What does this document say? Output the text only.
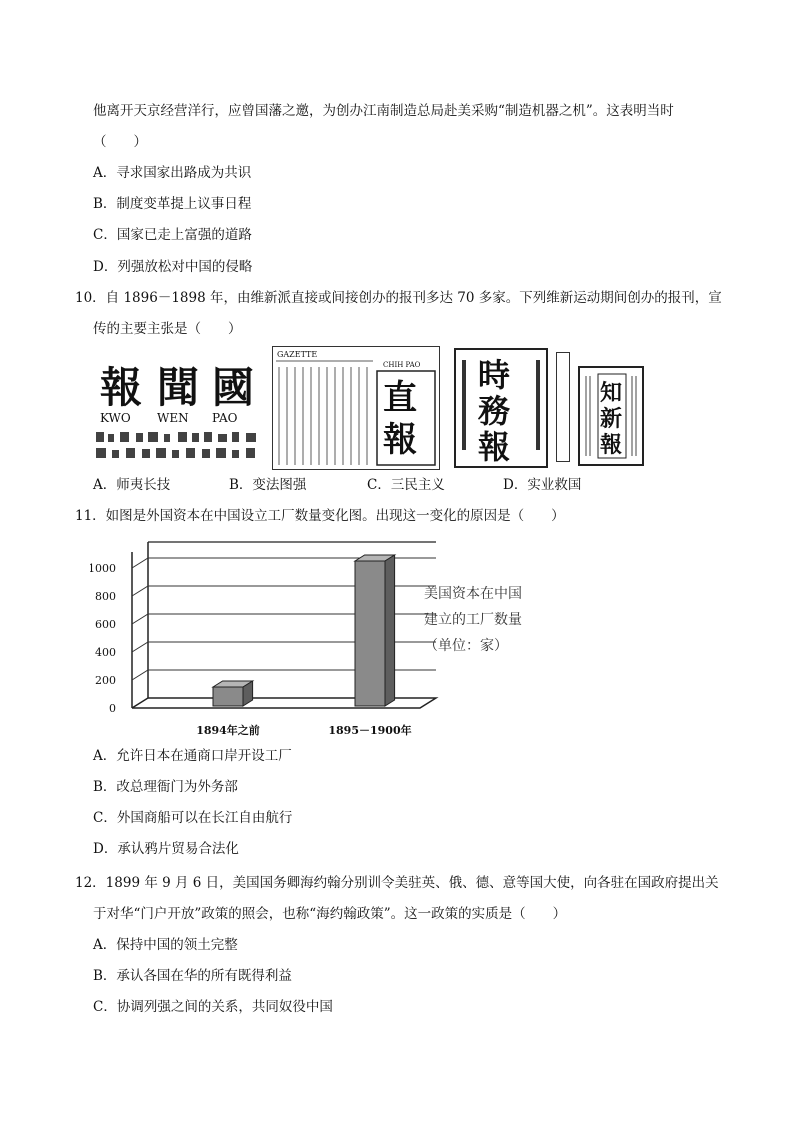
他离开天京经营洋行，应曾国藩之邀，为创办江南制造总局赴美采购“制造机器之机”。这表明当时
（　　）
A．寻求国家出路成为共识
B．制度变革提上议事日程
C．国家已走上富强的道路
D．列强放松对中国的侵略
10．自 1896－1898 年，由维新派直接或间接创办的报刊多达 70 多家。下列维新运动期间创办的报刊，宣
传的主要主张是（　　）
報 聞 國
KWO WEN PAO
GAZETTE
CHIH PAO
直
報
時
務
報
知
新
報
A．师夷长技	B．变法图强	C．三民主义	D．实业救国
11．如图是外国资本在中国设立工厂数量变化图。出现这一变化的原因是（　　）
0
200
400
600
800
1000
1894年之前	1895－1900年
美国资本在中国
建立的工厂数量
（单位：家）
A．允许日本在通商口岸开设工厂
B．改总理衙门为外务部
C．外国商船可以在长江自由航行
D．承认鸦片贸易合法化
12．1899 年 9 月 6 日，美国国务卿海约翰分别训令美驻英、俄、德、意等国大使，向各驻在国政府提出关
于对华“门户开放”政策的照会，也称“海约翰政策”。这一政策的实质是（　　）
A．保持中国的领土完整
B．承认各国在华的所有既得利益
C．协调列强之间的关系，共同奴役中国
